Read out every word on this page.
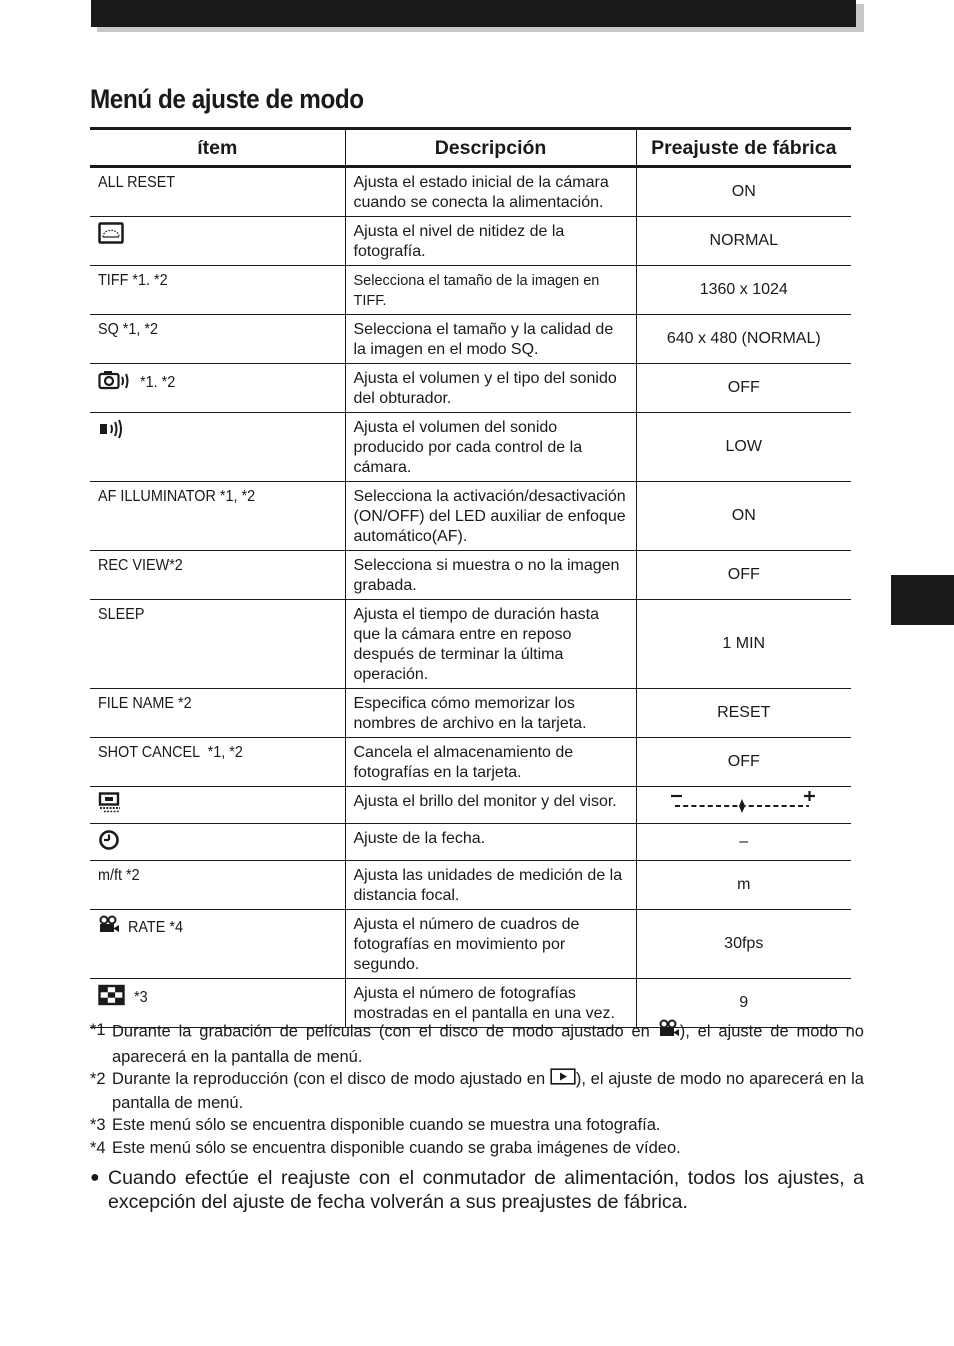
Menú de ajuste de modo
ítem	Descripción	Preajuste de fábrica

ALL RESET	Ajusta el estado inicial de la cámara cuando se conecta la alimentación.	ON

	Ajusta el nivel de nitidez de la fotografía.	NORMAL

TIFF *1. *2	Selecciona el tamaño de la imagen en TIFF.	1360 x 1024

SQ *1, *2	Selecciona el tamaño y la calidad de la imagen en el modo SQ.	640 x 480 (NORMAL)

*1. *2	Ajusta el volumen y el tipo del sonido del obturador.	OFF

	Ajusta el volumen del sonido producido por cada control de la cámara.	LOW

AF ILLUMINATOR *1, *2	Selecciona la activación/desactivación (ON/OFF) del LED auxiliar de enfoque automático(AF).	ON

REC VIEW*2	Selecciona si muestra o no la imagen grabada.	OFF

SLEEP	Ajusta el tiempo de duración hasta que la cámara entre en reposo después de terminar la última operación.	1 MIN

FILE NAME *2	Especifica cómo memorizar los nombres de archivo en la tarjeta.	RESET

SHOT CANCEL  *1, *2	Cancela el almacenamiento de fotografías en la tarjeta.	OFF

	Ajusta el brillo del monitor y del visor.	

	Ajuste de la fecha.	–

m/ft *2	Ajusta las unidades de medición de la distancia focal.	m

RATE *4	Ajusta el número de cuadros de fotografías en movimiento por segundo.	30fps

*3	Ajusta el número de fotografías mostradas en el pantalla en una vez.	9
*1 Durante la grabación de películas (con el disco de modo ajustado en ), el ajuste de modo no aparecerá en la pantalla de menú.
*2 Durante la reproducción (con el disco de modo ajustado en ), el ajuste de modo no aparecerá en la pantalla de menú.
*3 Este menú sólo se encuentra disponible cuando se muestra una fotografía.
*4 Este menú sólo se encuentra disponible cuando se graba imágenes de vídeo.
● Cuando efectúe el reajuste con el conmutador de alimentación, todos los ajustes, a excepción del ajuste de fecha volverán a sus preajustes de fábrica.
